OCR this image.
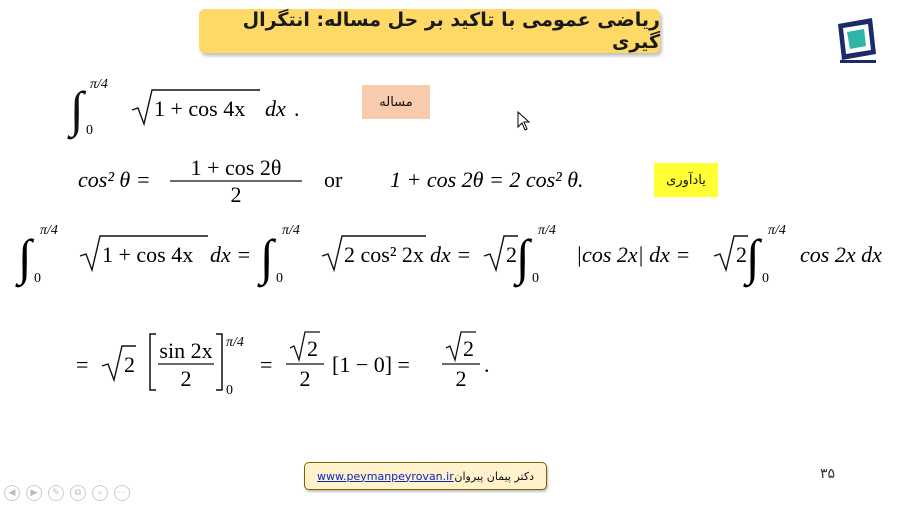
ریاضی عمومی با تاکید بر حل مساله: انتگرال گیری
مساله
یادآوری
∫ π/4
0
1 + cos 4x dx .
cos² θ = 1 + cos 2θ
2
or 1 + cos 2θ = 2 cos² θ.
∫ π/4
0
1 + cos 4x dx = ∫ π/4
0
2 cos² 2x dx = 2 ∫ π/4
0
|cos 2x| dx = 2 ∫ π/4
0
cos 2x dx
= 2
sin 2x
2
π/4
0
=
2
2
[1 − 0] =
2
2
.
www.peymanpeyrovan.ir دکتر پیمان پیروان	۳۵
◀	▶	✎	⧉	⌕	⋯
